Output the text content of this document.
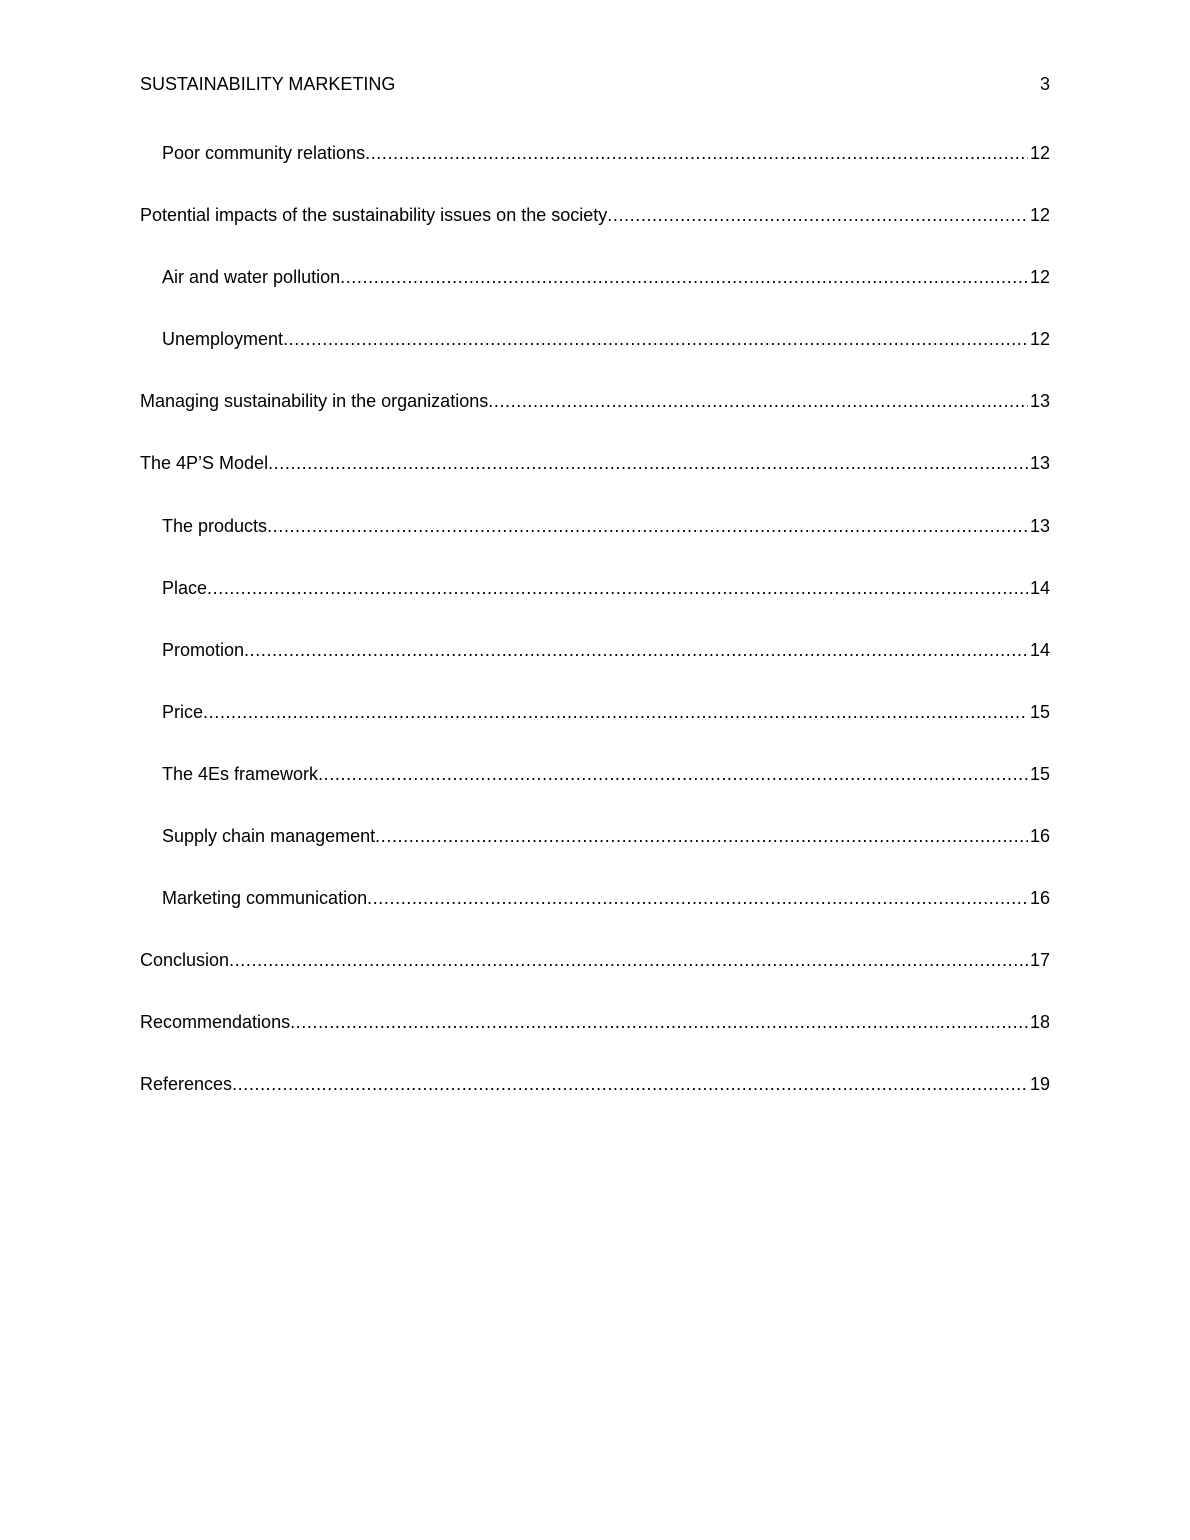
SUSTAINABILITY MARKETING	3
Poor community relations .....	12
Potential impacts of the sustainability issues on the society .....	12
Air and water pollution .....	12
Unemployment .....	12
Managing sustainability in the organizations .....	13
The 4P’S Model .....	13
The products .....	13
Place .....	14
Promotion .....	14
Price .....	15
The 4Es framework .....	15
Supply chain management .....	16
Marketing communication .....	16
Conclusion .....	17
Recommendations .....	18
References .....	19
